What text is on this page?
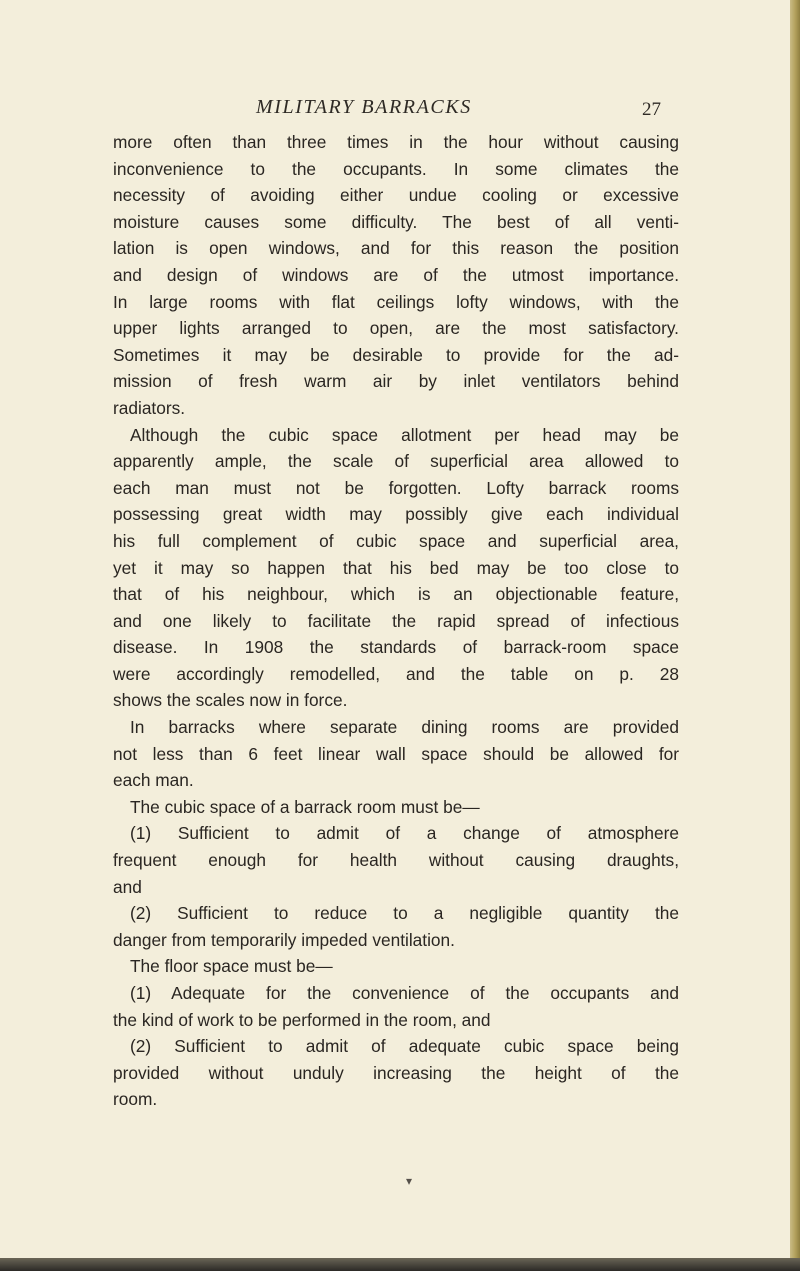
MILITARY BARRACKS	27
more often than three times in the hour without causing
inconvenience to the occupants. In some climates the
necessity of avoiding either undue cooling or excessive
moisture causes some difficulty. The best of all venti-
lation is open windows, and for this reason the position
and design of windows are of the utmost importance.
In large rooms with flat ceilings lofty windows, with the
upper lights arranged to open, are the most satisfactory.
Sometimes it may be desirable to provide for the ad-
mission of fresh warm air by inlet ventilators behind
radiators.
Although the cubic space allotment per head may be
apparently ample, the scale of superficial area allowed to
each man must not be forgotten. Lofty barrack rooms
possessing great width may possibly give each individual
his full complement of cubic space and superficial area,
yet it may so happen that his bed may be too close to
that of his neighbour, which is an objectionable feature,
and one likely to facilitate the rapid spread of infectious
disease. In 1908 the standards of barrack-room space
were accordingly remodelled, and the table on p. 28
shows the scales now in force.
In barracks where separate dining rooms are provided
not less than 6 feet linear wall space should be allowed for
each man.
The cubic space of a barrack room must be—
(1) Sufficient to admit of a change of atmosphere
frequent enough for health without causing draughts,
and
(2) Sufficient to reduce to a negligible quantity the
danger from temporarily impeded ventilation.
The floor space must be—
(1) Adequate for the convenience of the occupants and
the kind of work to be performed in the room, and
(2) Sufficient to admit of adequate cubic space being
provided without unduly increasing the height of the
room.
▾
